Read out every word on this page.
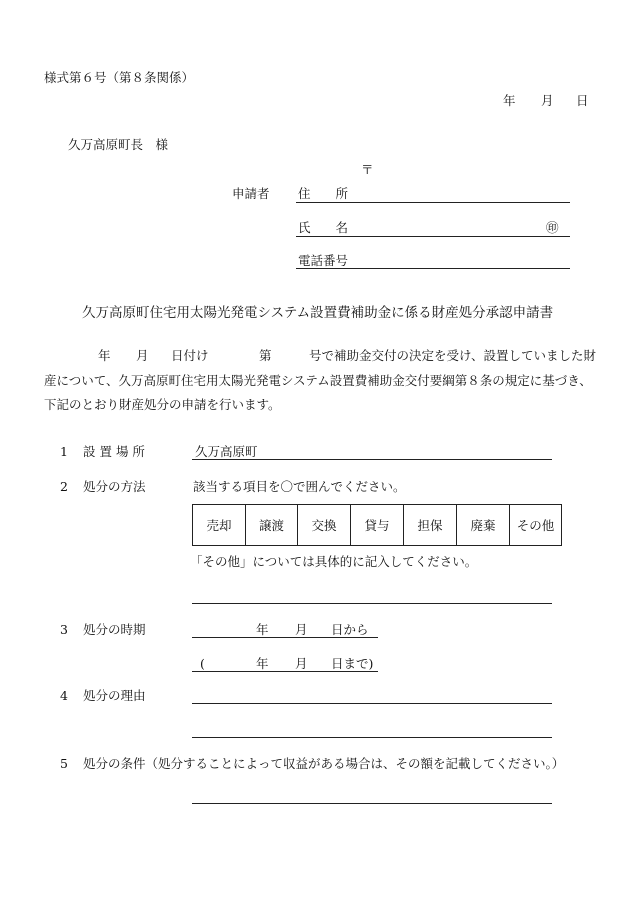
様式第６号（第８条関係）
年 月 日
久万高原町長　様
〒
申請者 住　　所
氏　　名	㊞
電話番号
久万高原町住宅用太陽光発電システム設置費補助金に係る財産処分承認申請書
年 月 日付け	第	号で補助金交付の決定を受け、設置していました財
産について、久万高原町住宅用太陽光発電システム設置費補助金交付要綱第８条の規定に基づき、
下記のとおり財産処分の申請を行います。
1 設 置 場 所	久万高原町
2 処分の方法	該当する項目を〇で囲んでください。
売却	譲渡	交換	貸与	担保	廃棄	その他
「その他」については具体的に記入してください。
3 処分の時期	年 月 日から
(	年 月 日まで)
4 処分の理由
5 処分の条件（処分することによって収益がある場合は、その額を記載してください。）
